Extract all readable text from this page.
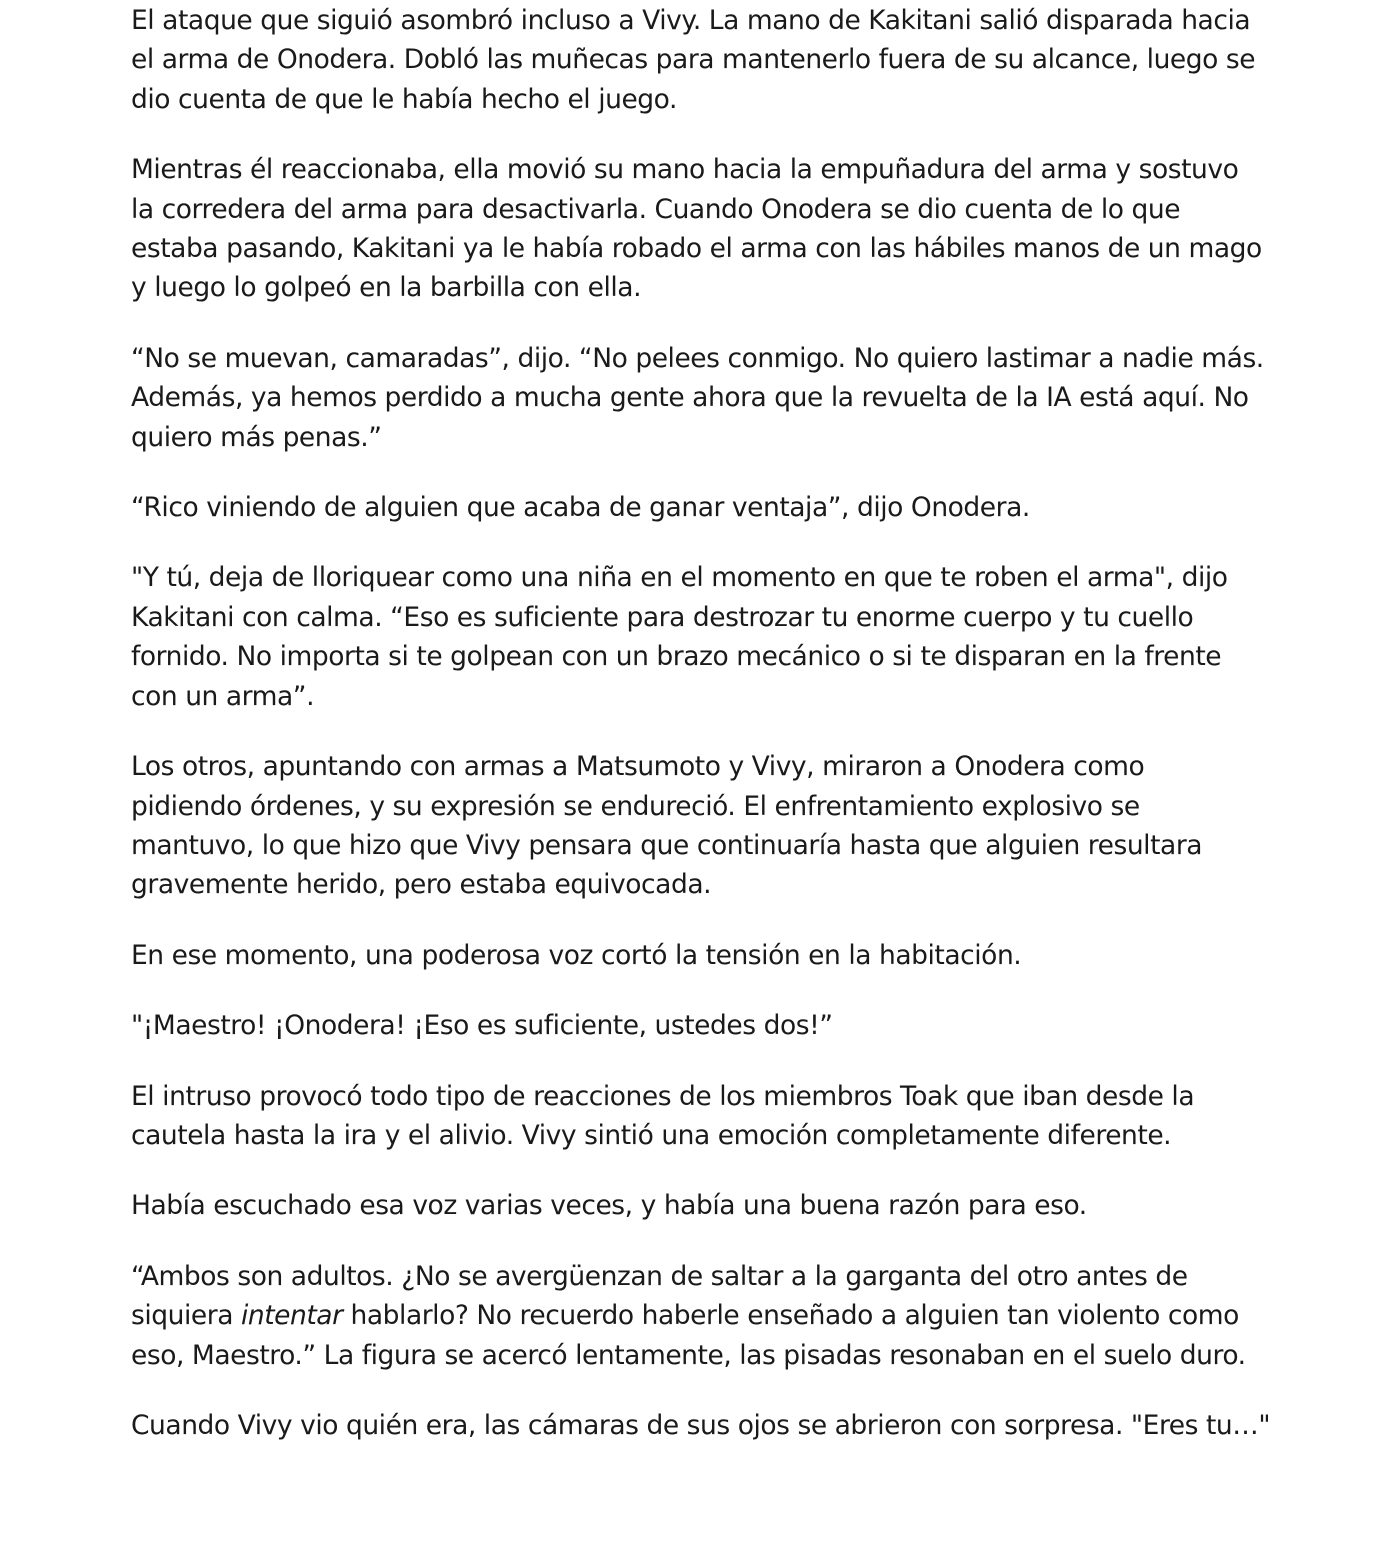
El ataque que siguió asombró incluso a Vivy. La mano de Kakitani salió disparada hacia
el arma de Onodera. Dobló las muñecas para mantenerlo fuera de su alcance, luego se
dio cuenta de que le había hecho el juego.

Mientras él reaccionaba, ella movió su mano hacia la empuñadura del arma y sostuvo
la corredera del arma para desactivarla. Cuando Onodera se dio cuenta de lo que
estaba pasando, Kakitani ya le había robado el arma con las hábiles manos de un mago
y luego lo golpeó en la barbilla con ella.

“No se muevan, camaradas”, dijo. “No pelees conmigo. No quiero lastimar a nadie más.
Además, ya hemos perdido a mucha gente ahora que la revuelta de la IA está aquí. No
quiero más penas.”

“Rico viniendo de alguien que acaba de ganar ventaja”, dijo Onodera.

"Y tú, deja de lloriquear como una niña en el momento en que te roben el arma", dijo
Kakitani con calma. “Eso es suficiente para destrozar tu enorme cuerpo y tu cuello
fornido. No importa si te golpean con un brazo mecánico o si te disparan en la frente
con un arma”.

Los otros, apuntando con armas a Matsumoto y Vivy, miraron a Onodera como
pidiendo órdenes, y su expresión se endureció. El enfrentamiento explosivo se
mantuvo, lo que hizo que Vivy pensara que continuaría hasta que alguien resultara
gravemente herido, pero estaba equivocada.

En ese momento, una poderosa voz cortó la tensión en la habitación.

"¡Maestro! ¡Onodera! ¡Eso es suficiente, ustedes dos!”

El intruso provocó todo tipo de reacciones de los miembros Toak que iban desde la
cautela hasta la ira y el alivio. Vivy sintió una emoción completamente diferente.

Había escuchado esa voz varias veces, y había una buena razón para eso.

“Ambos son adultos. ¿No se avergüenzan de saltar a la garganta del otro antes de
siquiera intentar hablarlo? No recuerdo haberle enseñado a alguien tan violento como
eso, Maestro.” La figura se acercó lentamente, las pisadas resonaban en el suelo duro.

Cuando Vivy vio quién era, las cámaras de sus ojos se abrieron con sorpresa. "Eres tu…"
